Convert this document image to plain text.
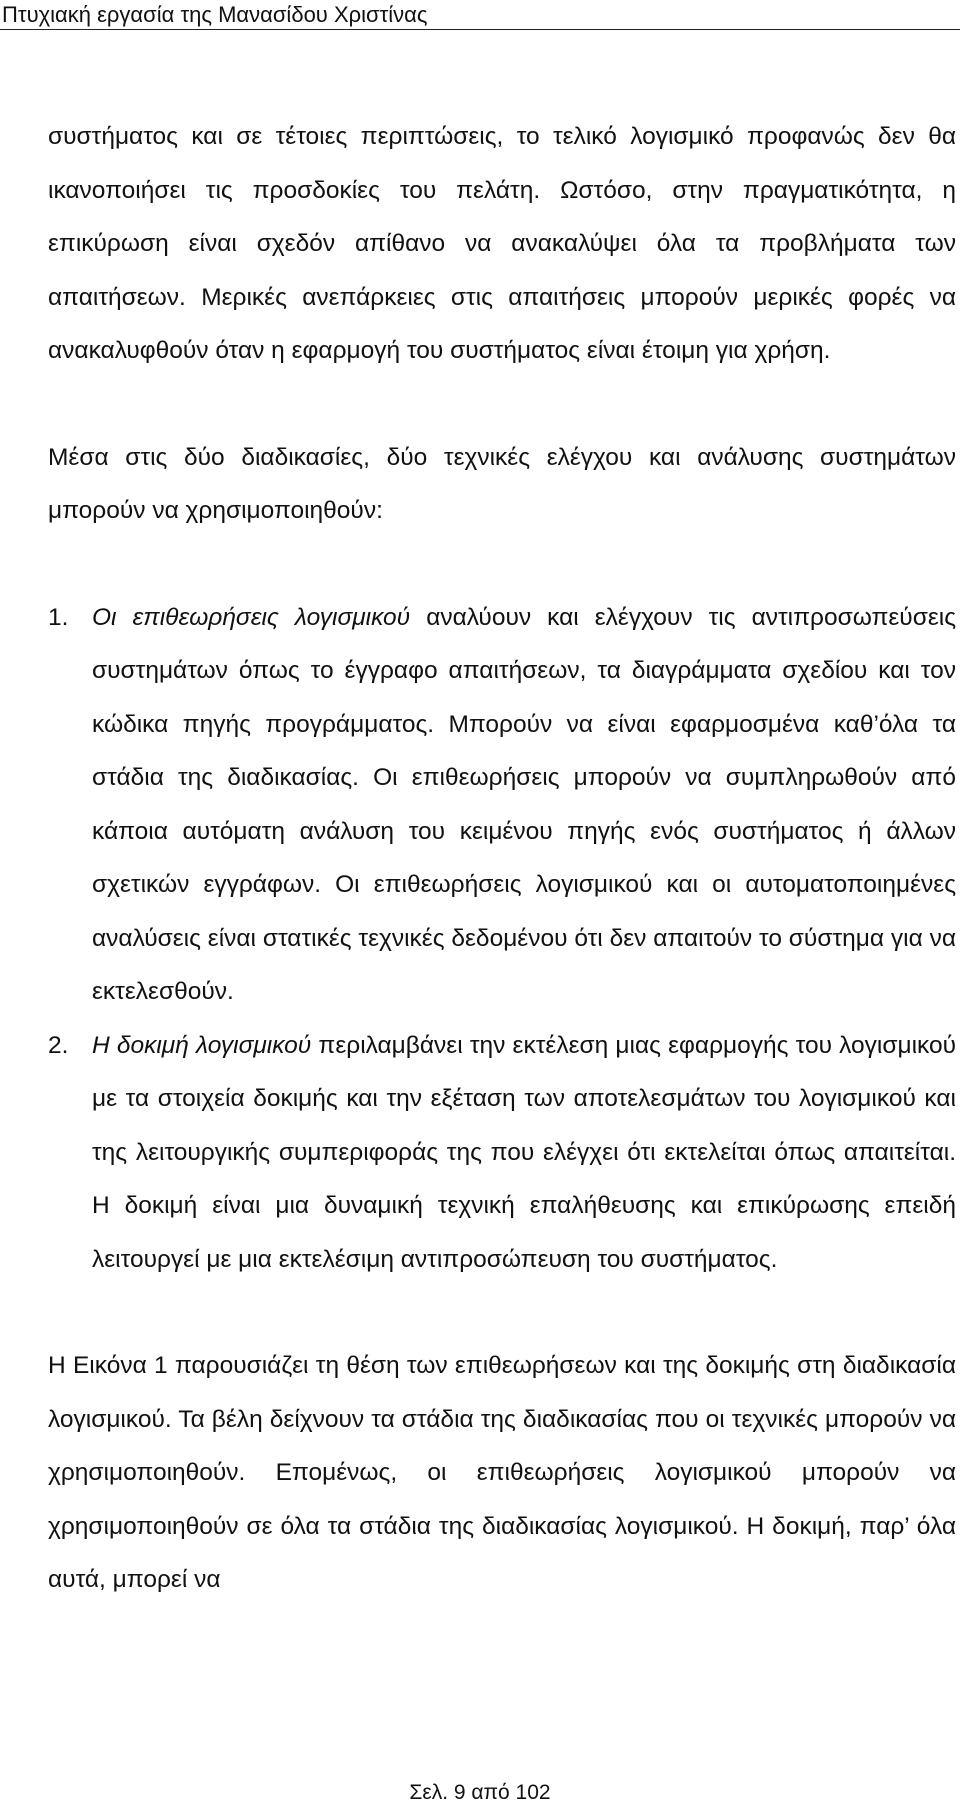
Πτυχιακή εργασία της Μανασίδου Χριστίνας

συστήματος και σε τέτοιες περιπτώσεις, το τελικό λογισμικό προφανώς δεν θα ικανοποιήσει τις προσδοκίες του πελάτη. Ωστόσο, στην πραγματικότητα, η επικύρωση είναι σχεδόν απίθανο να ανακαλύψει όλα τα προβλήματα των απαιτήσεων. Μερικές ανεπάρκειες στις απαιτήσεις μπορούν μερικές φορές να ανακαλυφθούν όταν η εφαρμογή του συστήματος είναι έτοιμη για χρήση.

Μέσα στις δύο διαδικασίες, δύο τεχνικές ελέγχου και ανάλυσης συστημάτων μπορούν να χρησιμοποιηθούν:

1. Οι επιθεωρήσεις λογισμικού αναλύουν και ελέγχουν τις αντιπροσωπεύσεις συστημάτων όπως το έγγραφο απαιτήσεων, τα διαγράμματα σχεδίου και τον κώδικα πηγής προγράμματος. Μπορούν να είναι εφαρμοσμένα καθ’όλα τα στάδια της διαδικασίας. Οι επιθεωρήσεις μπορούν να συμπληρωθούν από κάποια αυτόματη ανάλυση του κειμένου πηγής ενός συστήματος ή άλλων σχετικών εγγράφων. Οι επιθεωρήσεις λογισμικού και οι αυτοματοποιημένες αναλύσεις είναι στατικές τεχνικές δεδομένου ότι δεν απαιτούν το σύστημα για να εκτελεσθούν.
2. Η δοκιμή λογισμικού περιλαμβάνει την εκτέλεση μιας εφαρμογής του λογισμικού με τα στοιχεία δοκιμής και την εξέταση των αποτελεσμάτων του λογισμικού και της λειτουργικής συμπεριφοράς της που ελέγχει ότι εκτελείται όπως απαιτείται. Η δοκιμή είναι μια δυναμική τεχνική επαλήθευσης και επικύρωσης επειδή λειτουργεί με μια εκτελέσιμη αντιπροσώπευση του συστήματος.

Η Εικόνα 1 παρουσιάζει τη θέση των επιθεωρήσεων και της δοκιμής στη διαδικασία λογισμικού. Τα βέλη δείχνουν τα στάδια της διαδικασίας που οι τεχνικές μπορούν να χρησιμοποιηθούν. Επομένως, οι επιθεωρήσεις λογισμικού μπορούν να χρησιμοποιηθούν σε όλα τα στάδια της διαδικασίας λογισμικού. Η δοκιμή, παρ’ όλα αυτά, μπορεί να

Σελ. 9 από 102
